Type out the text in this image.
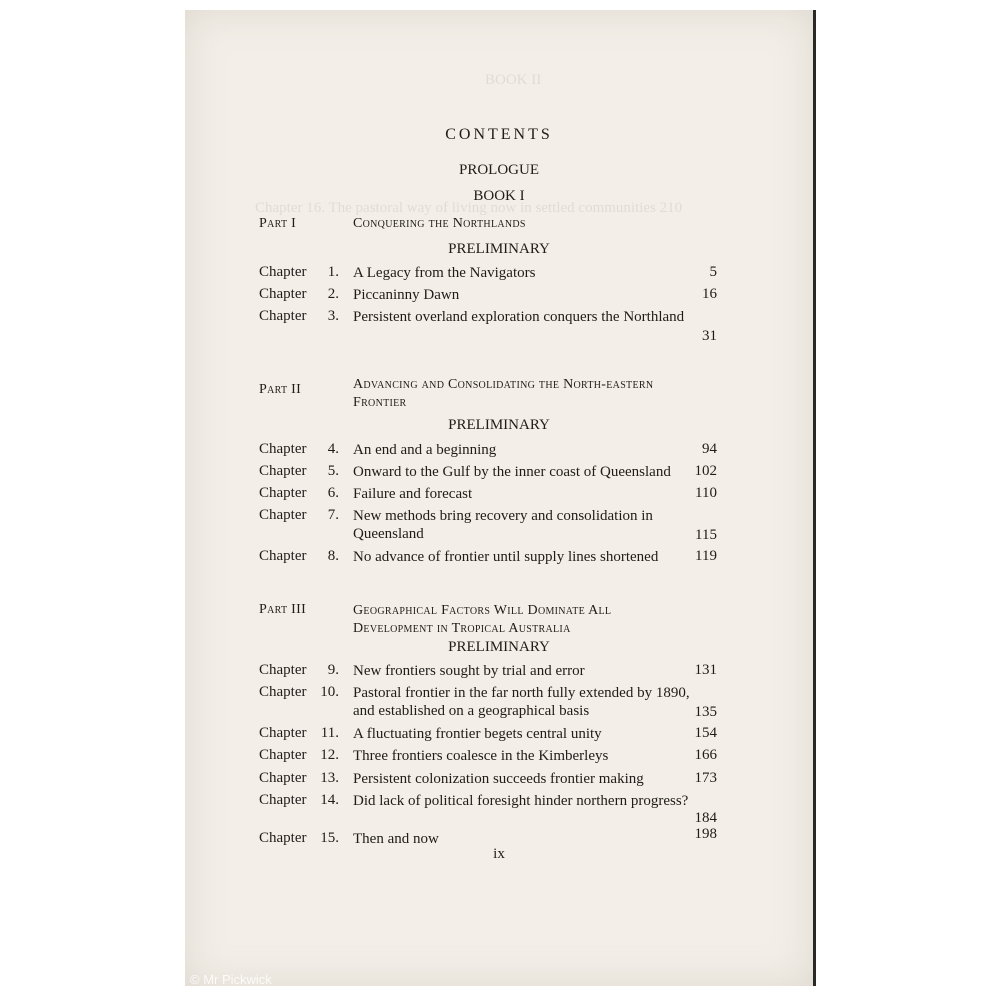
BOOK II
Chapter 16. The pastoral way of living now in settled communities 210
CONTENTS
PROLOGUE
BOOK I
Part I	Conquering the Northlands
PRELIMINARY
Chapter	1. A Legacy from the Navigators	5
Chapter	2. Piccaninny Dawn	16
Chapter	3. Persistent overland exploration conquers the Northland
31
Part II	Advancing and Consolidating the North-eastern Frontier
PRELIMINARY
Chapter	4. An end and a beginning	94
Chapter	5. Onward to the Gulf by the inner coast of Queensland	102
Chapter	6. Failure and forecast	110
Chapter	7. New methods bring recovery and consolidation in Queensland	115
Chapter	8. No advance of frontier until supply lines shortened	119
Part III	Geographical Factors Will Dominate All Development in Tropical Australia
PRELIMINARY
Chapter	9. New frontiers sought by trial and error	131
Chapter 10. Pastoral frontier in the far north fully extended by 1890, and established on a geographical basis	135
Chapter 11. A fluctuating frontier begets central unity	154
Chapter 12. Three frontiers coalesce in the Kimberleys	166
Chapter 13. Persistent colonization succeeds frontier making	173
Chapter 14. Did lack of political foresight hinder northern progress?
184
Chapter 15. Then and now	198
ix
© Mr Pickwick
